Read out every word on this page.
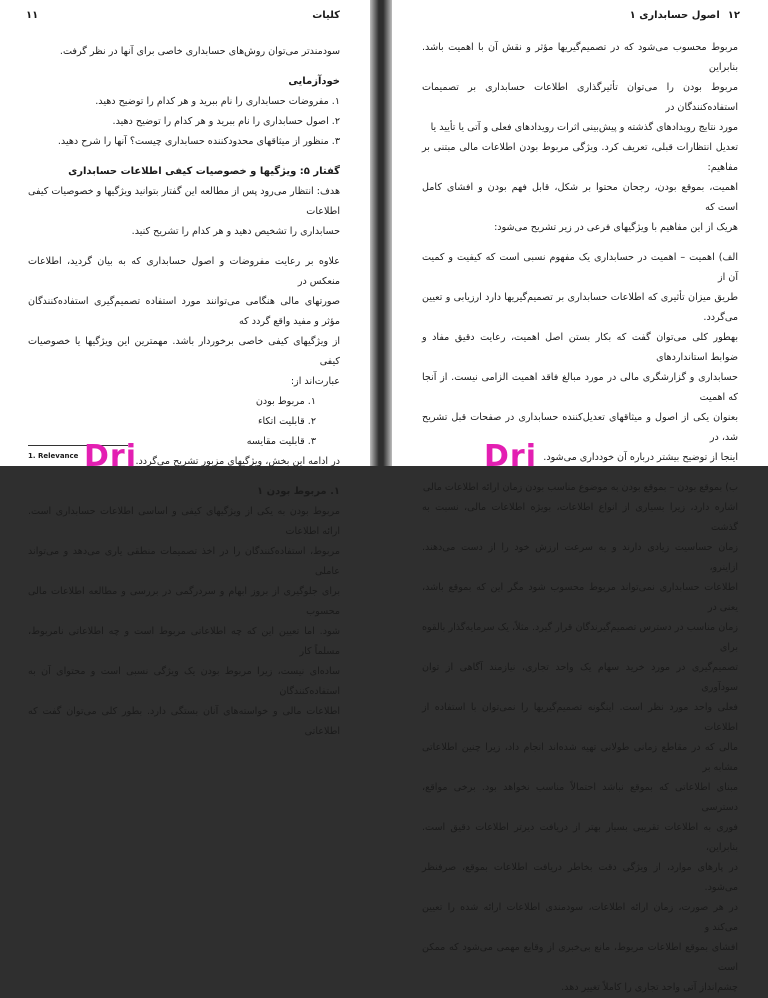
کلیات
۱۱

سودمندتر می‌توان روش‌های حسابداری خاصی برای آنها در نظر گرفت.

خودآزمایی

۱. مفروضات حسابداری را نام ببرید و هر کدام را توضیح دهید.

۲. اصول حسابداری را نام ببرید و هر کدام را توضیح دهید.

۳. منظور از میثاقهای محدودکننده حسابداری چیست؟ آنها را شرح دهید.

گفتار ۵: ویژگیها و خصوصیات کیفی اطلاعات حسابداری

هدف: انتظار می‌رود پس از مطالعه این گفتار بتوانید ویژگیها و خصوصیات کیفی اطلاعات

حسابداری را تشخیص دهید و هر کدام را تشریح کنید.

علاوه بر رعایت مفروضات و اصول حسابداری که به بیان گردید، اطلاعات منعکس در

صورتهای مالی هنگامی می‌توانند مورد استفاده تصمیم‌گیری استفاده‌کنندگان مؤثر و مفید واقع گردد که

از ویژگیهای کیفی خاصی برخوردار باشد. مهمترین این ویژگیها یا خصوصیات کیفی

عبارت‌اند از:

۱. مربوط بودن

۲. قابلیت اتکاء

۳. قابلیت مقایسه

در ادامه این بخش، ویژگیهای مزبور تشریح می‌گردد.

۱. مربوط بودن ۱

مربوط بودن به یکی از ویژگیهای کیفی و اساسی اطلاعات حسابداری است. ارائه اطلاعات

مربوط، استفاده‌کنندگان را در اخذ تصمیمات منطقی یاری می‌دهد و می‌تواند عاملی

برای جلوگیری از بروز ابهام و سردرگمی در بررسی و مطالعه اطلاعات مالی محسوب

شود. اما تعیین این که چه اطلاعاتی مربوط است و چه اطلاعاتی نامربوط، مسلماً کار

ساده‌ای نیست، زیرا مربوط بودن یک ویژگی نسبی است و محتوای آن به استفاده‌کنندگان

اطلاعات مالی و خواسته‌های آنان بستگی دارد. بطور کلی می‌توان گفت که اطلاعاتی

1. Relevance Dri
۱۲
اصول حسابداری ۱

مربوط محسوب می‌شود که در تصمیم‌گیریها مؤثر و نقش آن با اهمیت باشد. بنابراین

مربوط بودن را می‌توان تأثیرگذاری اطلاعات حسابداری بر تصمیمات استفاده‌کنندگان در

مورد نتایج رویدادهای گذشته و پیش‌بینی اثرات رویدادهای فعلی و آتی یا تأیید یا

تعدیل انتظارات قبلی، تعریف کرد. ویژگی مربوط بودن اطلاعات مالی مبتنی بر مفاهیم:

اهمیت، بموقع بودن، رجحان محتوا بر شکل، قابل فهم بودن و افشای کامل است که

هریک از این مفاهیم با ویژگیهای فرعی در زیر تشریح می‌شود:

الف) اهمیت – اهمیت در حسابداری یک مفهوم نسبی است که کیفیت و کمیت آن از

طریق میزان تأثیری که اطلاعات حسابداری بر تصمیم‌گیریها دارد ارزیابی و تعیین می‌گردد.

بهطور کلی می‌توان گفت که بکار بستن اصل اهمیت، رعایت دقیق مفاد و ضوابط استانداردهای

حسابداری و گزارشگری مالی در مورد مبالغ فاقد اهمیت الزامی نیست. از آنجا که اهمیت

بعنوان یکی از اصول و میثاقهای تعدیل‌کننده حسابداری در صفحات قبل تشریح شد، در

اینجا از توضیح بیشتر درباره آن خودداری می‌شود.

ب) بموقع بودن – بموقع بودن به موضوع مناسب بودن زمان ارائه اطلاعات مالی

اشاره دارد، زیرا بسیاری از انواع اطلاعات، بویژه اطلاعات مالی، نسبت به گذشت

زمان حساسیت زیادی دارند و به سرعت ارزش خود را از دست می‌دهند. ازاینرو،

اطلاعات حسابداری نمی‌تواند مربوط محسوب شود مگر این که بموقع باشد، یعنی در

زمان مناسب در دسترس تصمیم‌گیرندگان قرار گیرد. مثلاً، یک سرمایه‌گذار بالقوه برای

تصمیم‌گیری در مورد خرید سهام یک واحد تجاری، نیازمند آگاهی از توان سودآوری

فعلی واحد مورد نظر است. اینگونه تصمیم‌گیریها را نمی‌توان با استفاده از اطلاعات

مالی که در مقاطع زمانی طولانی تهیه شده‌اند انجام داد، زیرا چنین اطلاعاتی مشابه بر

مبنای اطلاعاتی که بموقع نباشد احتمالاً مناسب نخواهد بود. برخی مواقع، دسترسی

فوری به اطلاعات تقریبی بسیار بهتر از دریافت دیرتر اطلاعات دقیق است. بنابراین،

در پارهای موارد، از ویژگی دقت بخاطر دریافت اطلاعات بموقع، صرفنظر می‌شود.

در هر صورت، زمان ارائه اطلاعات، سودمندی اطلاعات ارائه شده را تعیین می‌کند و

افشای بموقع اطلاعات مربوط، مانع بی‌خبری از وقایع مهمی می‌شود که ممکن است

چشم‌انداز آتی واحد تجاری را کاملاً تغییر دهد.

Dri
